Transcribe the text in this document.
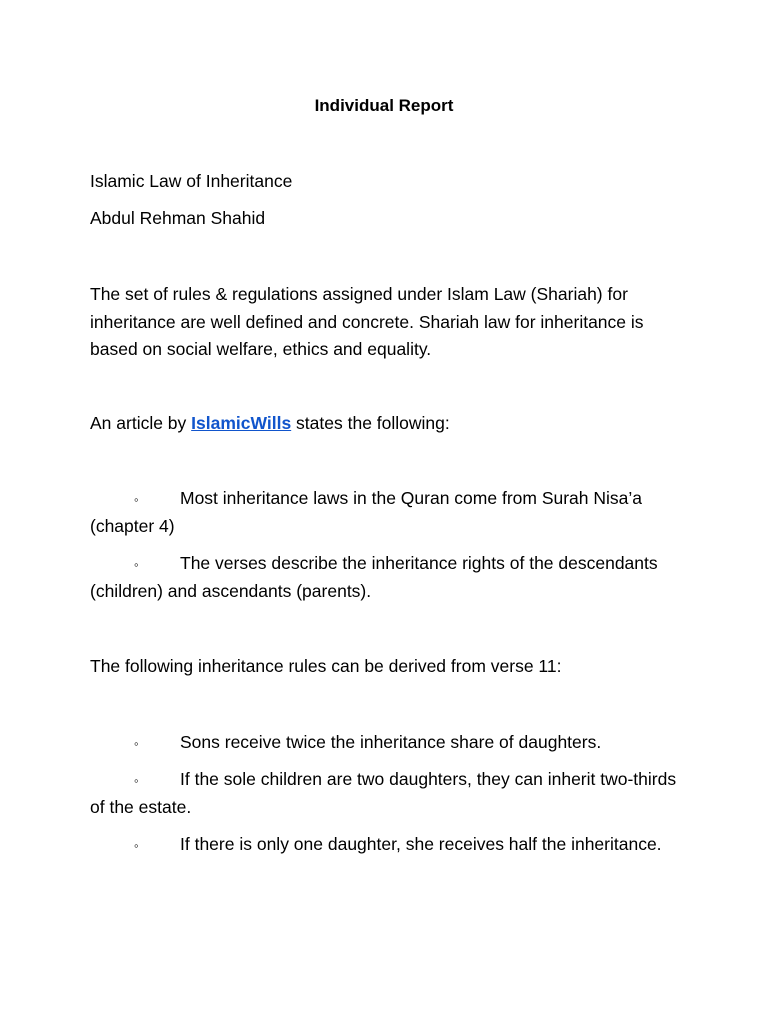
Individual Report

Islamic Law of Inheritance

Abdul Rehman Shahid

The set of rules & regulations assigned under Islam Law (Shariah) for inheritance are well defined and concrete. Shariah law for inheritance is based on social welfare, ethics and equality.

An article by IslamicWills states the following:

◦ Most inheritance laws in the Quran come from Surah Nisa’a (chapter 4)

◦ The verses describe the inheritance rights of the descendants (children) and ascendants (parents).

The following inheritance rules can be derived from verse 11:

◦ Sons receive twice the inheritance share of daughters.

◦ If the sole children are two daughters, they can inherit two-thirds of the estate.

◦ If there is only one daughter, she receives half the inheritance.
